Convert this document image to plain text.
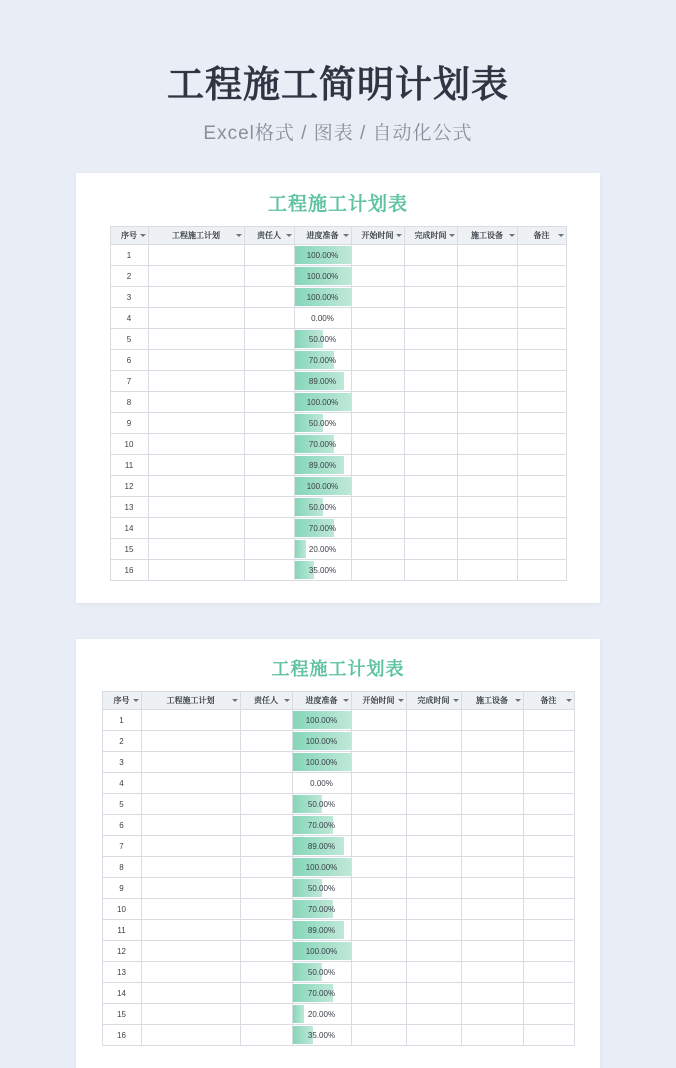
工程施工简明计划表
Excel格式 / 图表 / 自动化公式
工程施工计划表
序号	工程施工计划	责任人	进度准备	开始时间	完成时间	施工设备	备注

1			100.00%				
2			100.00%				
3			100.00%				
4			0.00%				
5			50.00%				
6			70.00%				
7			89.00%				
8			100.00%				
9			50.00%				
10			70.00%				
11			89.00%				
12			100.00%				
13			50.00%				
14			70.00%				
15			20.00%				
16			35.00%				
工程施工计划表
序号	工程施工计划	责任人	进度准备	开始时间	完成时间	施工设备	备注

1			100.00%				
2			100.00%				
3			100.00%				
4			0.00%				
5			50.00%				
6			70.00%				
7			89.00%				
8			100.00%				
9			50.00%				
10			70.00%				
11			89.00%				
12			100.00%				
13			50.00%				
14			70.00%				
15			20.00%				
16			35.00%				
